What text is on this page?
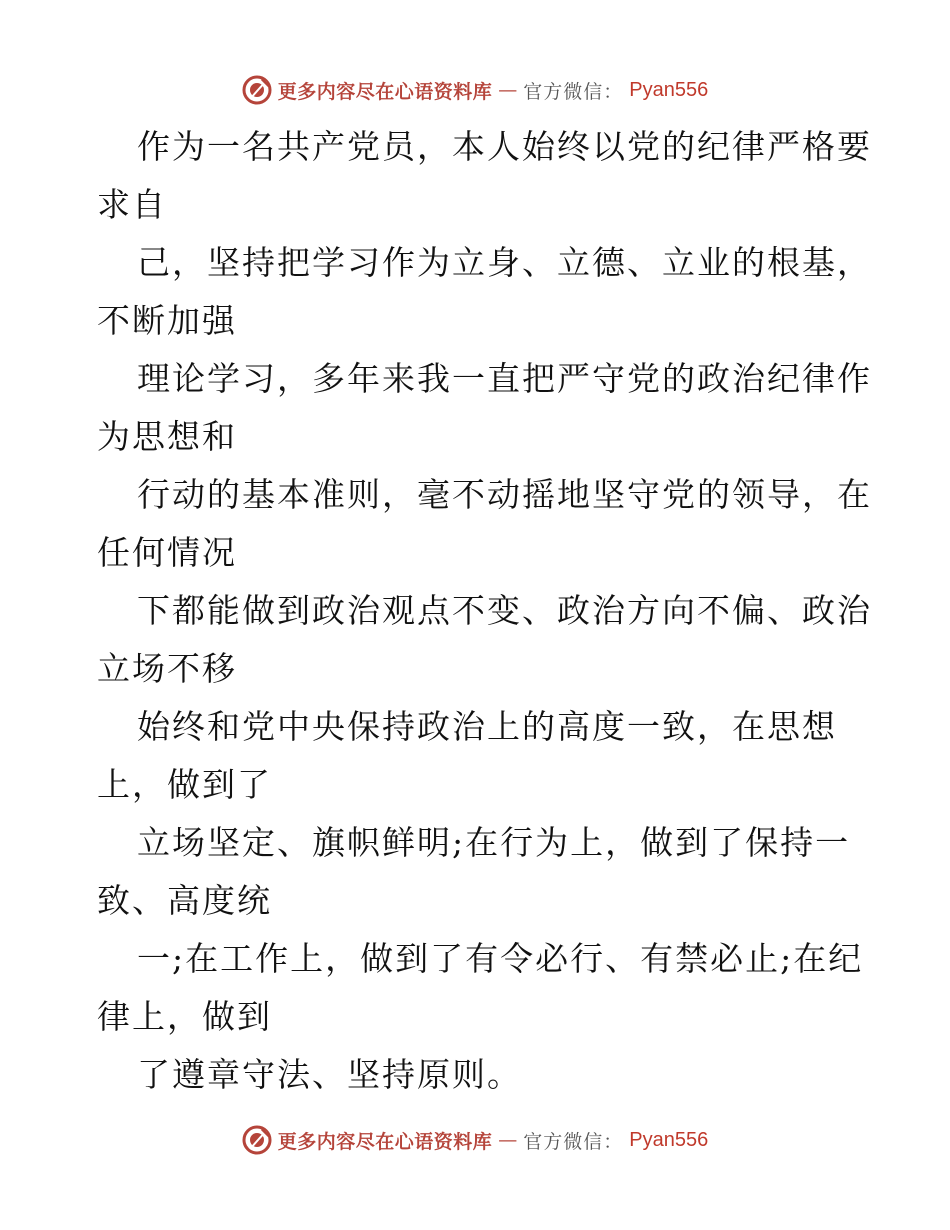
更多内容尽在心语资料库 — 官方微信： Pyan556
作为一名共产党员，本人始终以党的纪律严格要
求自
己，坚持把学习作为立身、立德、立业的根基，
不断加强
理论学习，多年来我一直把严守党的政治纪律作
为思想和
行动的基本准则，毫不动摇地坚守党的领导，在
任何情况
下都能做到政治观点不变、政治方向不偏、政治
立场不移
始终和党中央保持政治上的高度一致，在思想
上，做到了
立场坚定、旗帜鲜明;在行为上，做到了保持一
致、高度统
一;在工作上，做到了有令必行、有禁必止;在纪
律上，做到
了遵章守法、坚持原则。
更多内容尽在心语资料库 — 官方微信： Pyan556
